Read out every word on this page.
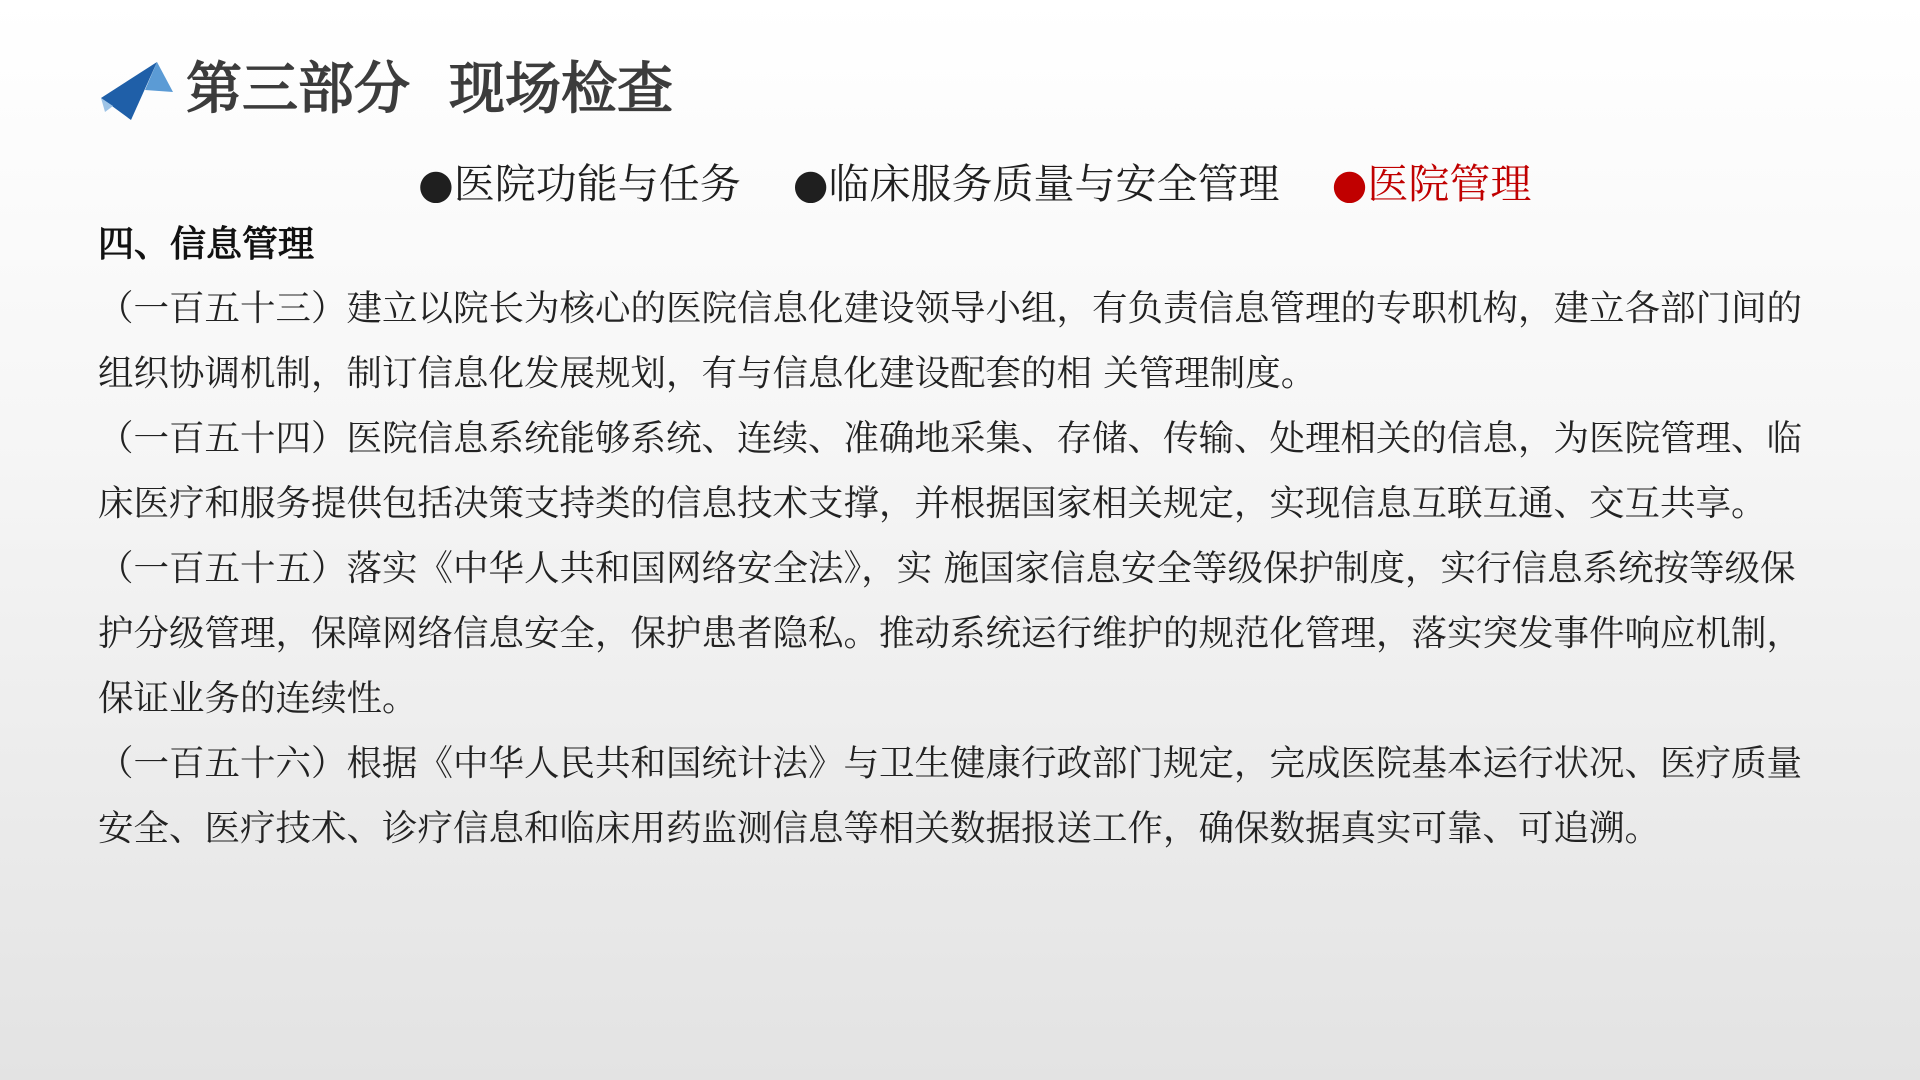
第三部分  现场检查
●医院功能与任务 ●临床服务质量与安全管理 ●医院管理
四、信息管理

（一百五十三）建立以院长为核心的医院信息化建设领导小组，有负责信息管理的专职机构，建立各部门间的组织协调机制，制订信息化发展规划，有与信息化建设配套的相 关管理制度。

（一百五十四）医院信息系统能够系统、连续、准确地采集、存储、传输、处理相关的信息，为医院管理、临床医疗和服务提供包括决策支持类的信息技术支撑，并根据国家相关规定，实现信息互联互通、交互共享。

（一百五十五）落实《中华人共和国网络安全法》，实 施国家信息安全等级保护制度，实行信息系统按等级保护分级管理，保障网络信息安全，保护患者隐私。推动系统运行维护的规范化管理，落实突发事件响应机制，保证业务的连续性。

（一百五十六）根据《中华人民共和国统计法》与卫生健康行政部门规定，完成医院基本运行状况、医疗质量安全、医疗技术、诊疗信息和临床用药监测信息等相关数据报送工作，确保数据真实可靠、可追溯。
